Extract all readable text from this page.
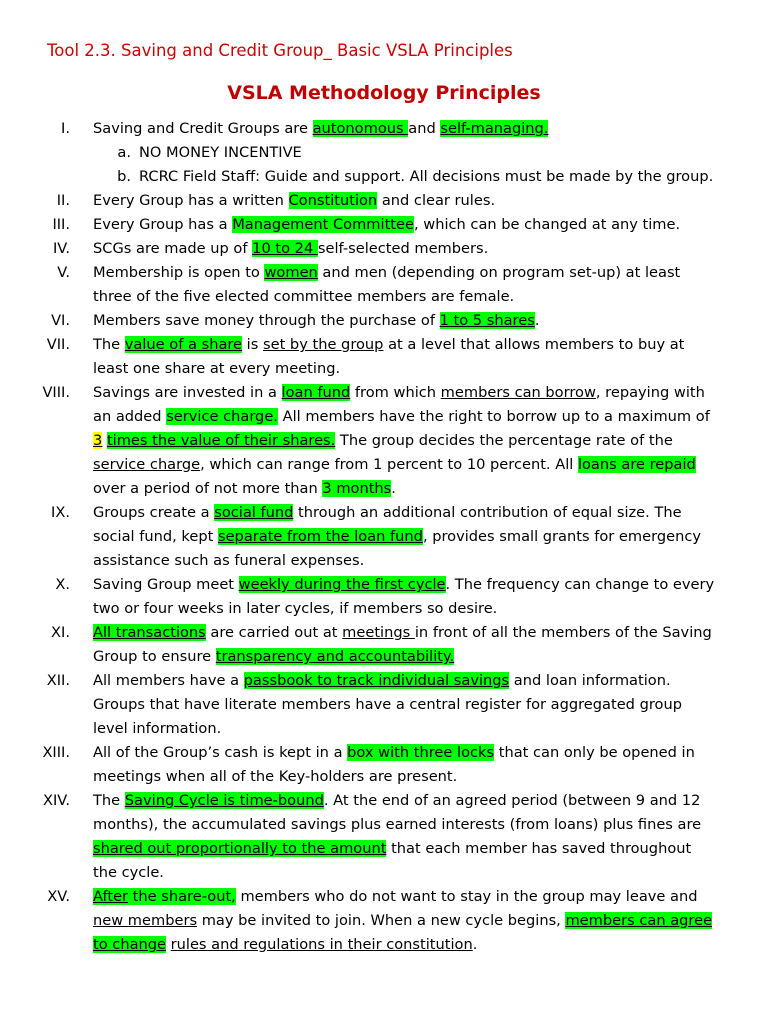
Tool 2.3. Saving and Credit Group_ Basic VSLA Principles
VSLA Methodology Principles
I. Saving and Credit Groups are autonomous and self-managing.
a. NO MONEY INCENTIVE
b. RCRC Field Staff: Guide and support. All decisions must be made by the group.
II. Every Group has a written Constitution and clear rules.
III. Every Group has a Management Committee, which can be changed at any time.
IV. SCGs are made up of 10 to 24 self-selected members.
V. Membership is open to women and men (depending on program set-up) at least three of the five elected committee members are female.
VI. Members save money through the purchase of 1 to 5 shares.
VII. The value of a share is set by the group at a level that allows members to buy at least one share at every meeting.
VIII. Savings are invested in a loan fund from which members can borrow, repaying with an added service charge. All members have the right to borrow up to a maximum of 3 times the value of their shares. The group decides the percentage rate of the service charge, which can range from 1 percent to 10 percent. All loans are repaid over a period of not more than 3 months.
IX. Groups create a social fund through an additional contribution of equal size. The social fund, kept separate from the loan fund, provides small grants for emergency assistance such as funeral expenses.
X. Saving Group meet weekly during the first cycle. The frequency can change to every two or four weeks in later cycles, if members so desire.
XI. All transactions are carried out at meetings in front of all the members of the Saving Group to ensure transparency and accountability.
XII. All members have a passbook to track individual savings and loan information. Groups that have literate members have a central register for aggregated group level information.
XIII. All of the Group’s cash is kept in a box with three locks that can only be opened in meetings when all of the Key-holders are present.
XIV. The Saving Cycle is time-bound. At the end of an agreed period (between 9 and 12 months), the accumulated savings plus earned interests (from loans) plus fines are shared out proportionally to the amount that each member has saved throughout the cycle.
XV. After the share-out, members who do not want to stay in the group may leave and new members may be invited to join. When a new cycle begins, members can agree to change rules and regulations in their constitution.
